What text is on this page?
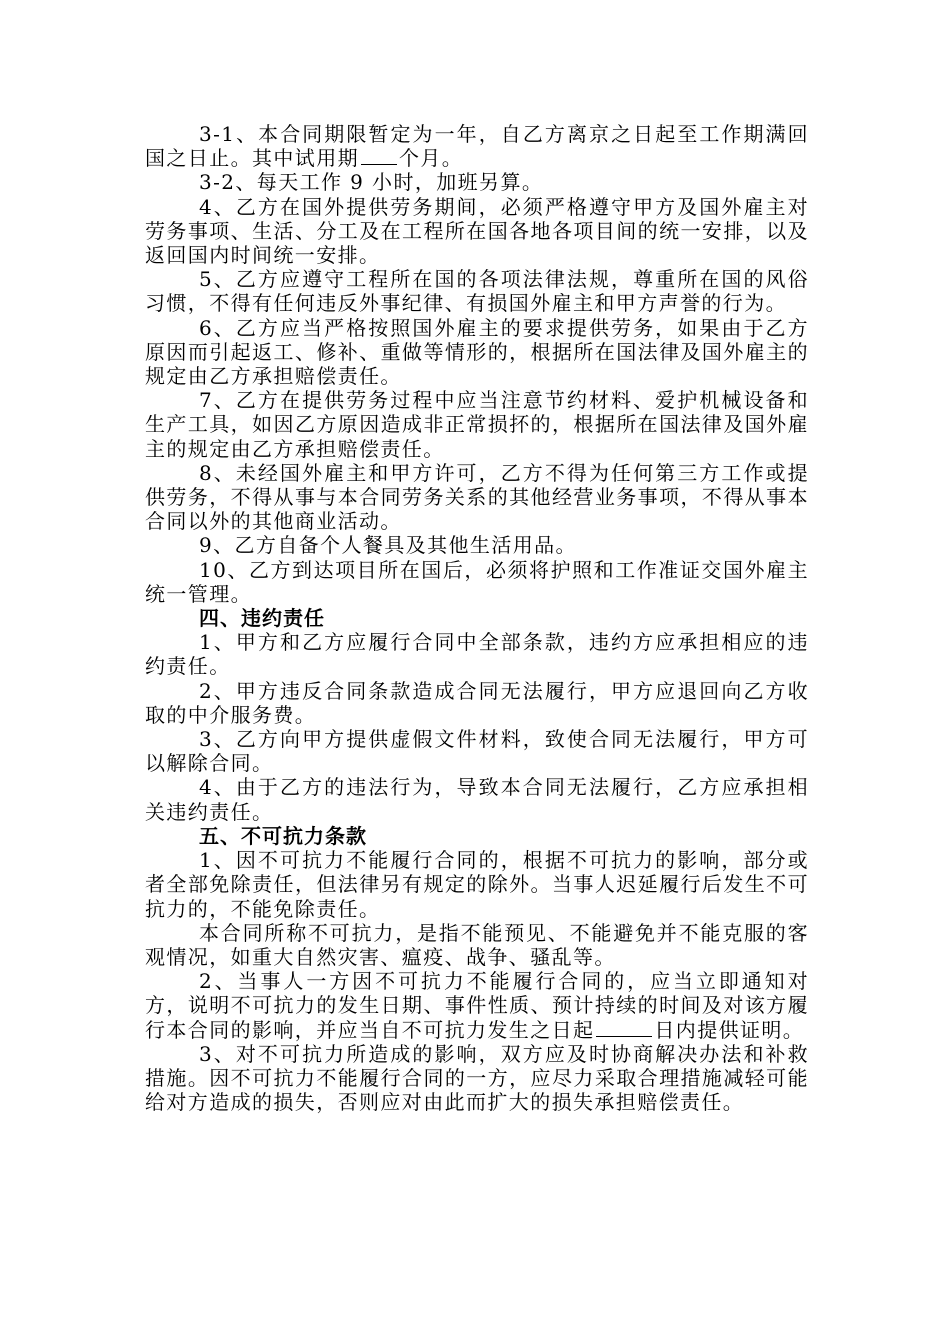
3-1、本合同期限暂定为一年，自乙方离京之日起至工作期满回国之日止。其中试用期 个月。

3-2、每天工作 9 小时，加班另算。

4、乙方在国外提供劳务期间，必须严格遵守甲方及国外雇主对劳务事项、生活、分工及在工程所在国各地各项目间的统一安排，以及返回国内时间统一安排。

5、乙方应遵守工程所在国的各项法律法规，尊重所在国的风俗习惯，不得有任何违反外事纪律、有损国外雇主和甲方声誉的行为。

6、乙方应当严格按照国外雇主的要求提供劳务，如果由于乙方原因而引起返工、修补、重做等情形的，根据所在国法律及国外雇主的规定由乙方承担赔偿责任。

7、乙方在提供劳务过程中应当注意节约材料、爱护机械设备和生产工具，如因乙方原因造成非正常损抔的，根据所在国法律及国外雇主的规定由乙方承担赔偿责任。

8、未经国外雇主和甲方许可，乙方不得为任何第三方工作或提供劳务，不得从事与本合同劳务关系的其他经营业务事项，不得从事本合同以外的其他商业活动。

9、乙方自备个人餐具及其他生活用品。

10、乙方到达项目所在国后，必须将护照和工作准证交国外雇主统一管理。

四、违约责任

1、甲方和乙方应履行合同中全部条款，违约方应承担相应的违约责任。

2、甲方违反合同条款造成合同无法履行，甲方应退回向乙方收取的中介服务费。

3、乙方向甲方提供虚假文件材料，致使合同无法履行，甲方可以解除合同。

4、由于乙方的违法行为，导致本合同无法履行，乙方应承担相关违约责任。

五、不可抗力条款

1、因不可抗力不能履行合同的，根据不可抗力的影响，部分或者全部免除责任，但法律另有规定的除外。当事人迟延履行后发生不可抗力的，不能免除责任。

本合同所称不可抗力，是指不能预见、不能避免并不能克服的客观情况，如重大自然灾害、瘟疫、战争、骚乱等。

2、当事人一方因不可抗力不能履行合同的，应当立即通知对方，说明不可抗力的发生日期、事件性质、预计持续的时间及对该方履行本合同的影响，并应当自不可抗力发生之日起	日内提供证明。

3、对不可抗力所造成的影响，双方应及时协商解决办法和补救措施。因不可抗力不能履行合同的一方，应尽力采取合理措施减轻可能给对方造成的损失，否则应对由此而扩大的损失承担赔偿责任。
